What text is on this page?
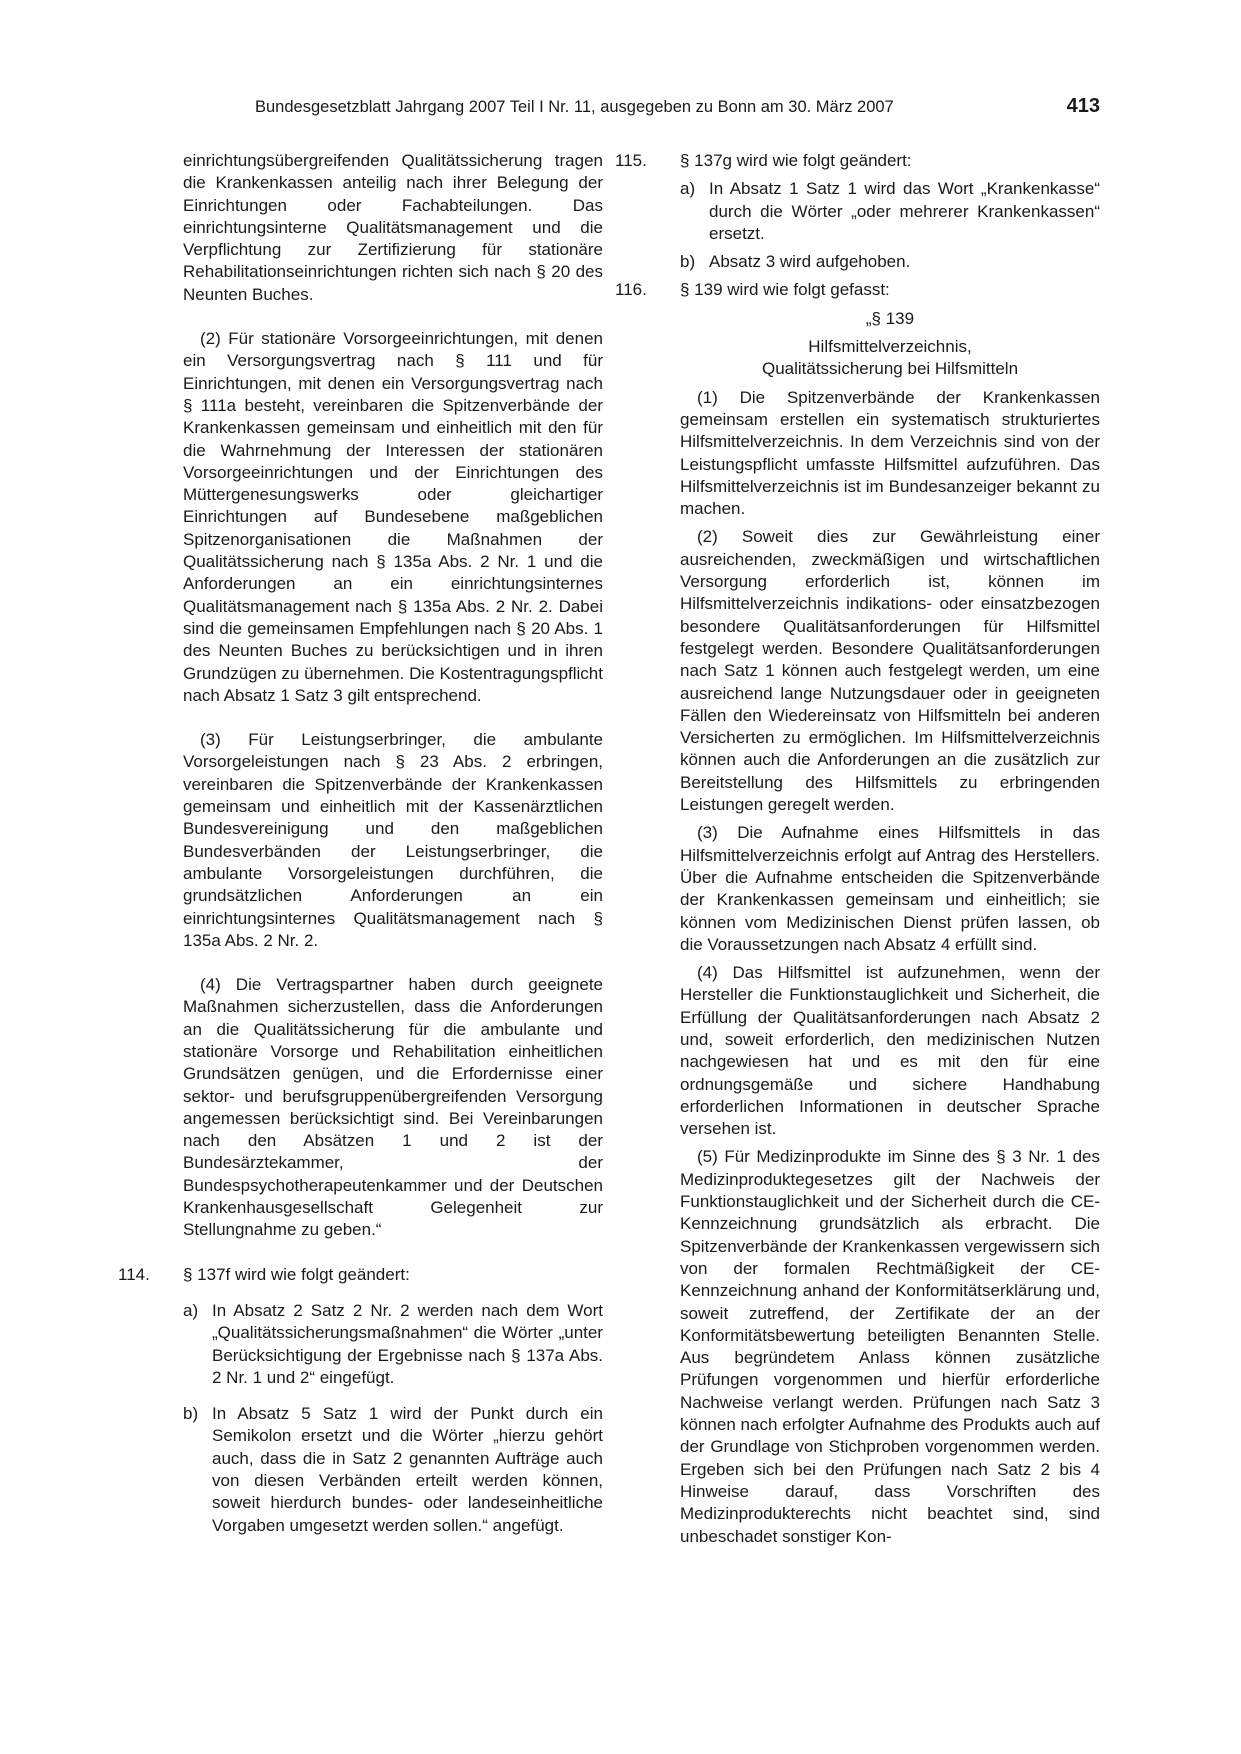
Bundesgesetzblatt Jahrgang 2007 Teil I Nr. 11, ausgegeben zu Bonn am 30. März 2007	413

einrichtungsübergreifenden Qualitätssicherung tragen die Krankenkassen anteilig nach ihrer Belegung der Einrichtungen oder Fachabteilungen. Das einrichtungsinterne Qualitätsmanagement und die Verpflichtung zur Zertifizierung für stationäre Rehabilitationseinrichtungen richten sich nach § 20 des Neunten Buches.

(2) Für stationäre Vorsorgeeinrichtungen, mit denen ein Versorgungsvertrag nach § 111 und für Einrichtungen, mit denen ein Versorgungsvertrag nach § 111a besteht, vereinbaren die Spitzenverbände der Krankenkassen gemeinsam und einheitlich mit den für die Wahrnehmung der Interessen der stationären Vorsorgeeinrichtungen und der Einrichtungen des Müttergenesungswerks oder gleichartiger Einrichtungen auf Bundesebene maßgeblichen Spitzenorganisationen die Maßnahmen der Qualitätssicherung nach § 135a Abs. 2 Nr. 1 und die Anforderungen an ein einrichtungsinternes Qualitätsmanagement nach § 135a Abs. 2 Nr. 2. Dabei sind die gemeinsamen Empfehlungen nach § 20 Abs. 1 des Neunten Buches zu berücksichtigen und in ihren Grundzügen zu übernehmen. Die Kostentragungspflicht nach Absatz 1 Satz 3 gilt entsprechend.

(3) Für Leistungserbringer, die ambulante Vorsorgeleistungen nach § 23 Abs. 2 erbringen, vereinbaren die Spitzenverbände der Krankenkassen gemeinsam und einheitlich mit der Kassenärztlichen Bundesvereinigung und den maßgeblichen Bundesverbänden der Leistungserbringer, die ambulante Vorsorgeleistungen durchführen, die grundsätzlichen Anforderungen an ein einrichtungsinternes Qualitätsmanagement nach § 135a Abs. 2 Nr. 2.

(4) Die Vertragspartner haben durch geeignete Maßnahmen sicherzustellen, dass die Anforderungen an die Qualitätssicherung für die ambulante und stationäre Vorsorge und Rehabilitation einheitlichen Grundsätzen genügen, und die Erfordernisse einer sektor- und berufsgruppenübergreifenden Versorgung angemessen berücksichtigt sind. Bei Vereinbarungen nach den Absätzen 1 und 2 ist der Bundesärztekammer, der Bundespsychotherapeutenkammer und der Deutschen Krankenhausgesellschaft Gelegenheit zur Stellungnahme zu geben.“

114. § 137f wird wie folgt geändert:

a) In Absatz 2 Satz 2 Nr. 2 werden nach dem Wort „Qualitätssicherungsmaßnahmen“ die Wörter „unter Berücksichtigung der Ergebnisse nach § 137a Abs. 2 Nr. 1 und 2“ eingefügt.

b) In Absatz 5 Satz 1 wird der Punkt durch ein Semikolon ersetzt und die Wörter „hierzu gehört auch, dass die in Satz 2 genannten Aufträge auch von diesen Verbänden erteilt werden können, soweit hierdurch bundes- oder landeseinheitliche Vorgaben umgesetzt werden sollen.“ angefügt.

115. § 137g wird wie folgt geändert:

a) In Absatz 1 Satz 1 wird das Wort „Krankenkasse“ durch die Wörter „oder mehrerer Krankenkassen“ ersetzt.

b) Absatz 3 wird aufgehoben.

116. § 139 wird wie folgt gefasst:

„§ 139

Hilfsmittelverzeichnis,

Qualitätssicherung bei Hilfsmitteln

(1) Die Spitzenverbände der Krankenkassen gemeinsam erstellen ein systematisch strukturiertes Hilfsmittelverzeichnis. In dem Verzeichnis sind von der Leistungspflicht umfasste Hilfsmittel aufzuführen. Das Hilfsmittelverzeichnis ist im Bundesanzeiger bekannt zu machen.

(2) Soweit dies zur Gewährleistung einer ausreichenden, zweckmäßigen und wirtschaftlichen Versorgung erforderlich ist, können im Hilfsmittelverzeichnis indikations- oder einsatzbezogen besondere Qualitätsanforderungen für Hilfsmittel festgelegt werden. Besondere Qualitätsanforderungen nach Satz 1 können auch festgelegt werden, um eine ausreichend lange Nutzungsdauer oder in geeigneten Fällen den Wiedereinsatz von Hilfsmitteln bei anderen Versicherten zu ermöglichen. Im Hilfsmittelverzeichnis können auch die Anforderungen an die zusätzlich zur Bereitstellung des Hilfsmittels zu erbringenden Leistungen geregelt werden.

(3) Die Aufnahme eines Hilfsmittels in das Hilfsmittelverzeichnis erfolgt auf Antrag des Herstellers. Über die Aufnahme entscheiden die Spitzenverbände der Krankenkassen gemeinsam und einheitlich; sie können vom Medizinischen Dienst prüfen lassen, ob die Voraussetzungen nach Absatz 4 erfüllt sind.

(4) Das Hilfsmittel ist aufzunehmen, wenn der Hersteller die Funktionstauglichkeit und Sicherheit, die Erfüllung der Qualitätsanforderungen nach Absatz 2 und, soweit erforderlich, den medizinischen Nutzen nachgewiesen hat und es mit den für eine ordnungsgemäße und sichere Handhabung erforderlichen Informationen in deutscher Sprache versehen ist.

(5) Für Medizinprodukte im Sinne des § 3 Nr. 1 des Medizinproduktegesetzes gilt der Nachweis der Funktionstauglichkeit und der Sicherheit durch die CE-Kennzeichnung grundsätzlich als erbracht. Die Spitzenverbände der Krankenkassen vergewissern sich von der formalen Rechtmäßigkeit der CE-Kennzeichnung anhand der Konformitätserklärung und, soweit zutreffend, der Zertifikate der an der Konformitätsbewertung beteiligten Benannten Stelle. Aus begründetem Anlass können zusätzliche Prüfungen vorgenommen und hierfür erforderliche Nachweise verlangt werden. Prüfungen nach Satz 3 können nach erfolgter Aufnahme des Produkts auch auf der Grundlage von Stichproben vorgenommen werden. Ergeben sich bei den Prüfungen nach Satz 2 bis 4 Hinweise darauf, dass Vorschriften des Medizinprodukterechts nicht beachtet sind, sind unbeschadet sonstiger Kon-
